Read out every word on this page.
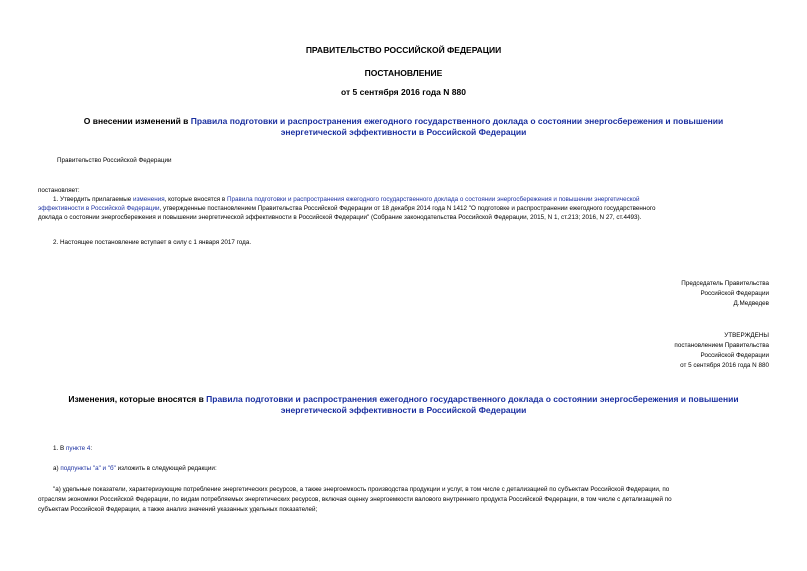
ПРАВИТЕЛЬСТВО РОССИЙСКОЙ ФЕДЕРАЦИИ
ПОСТАНОВЛЕНИЕ
от 5 сентября 2016 года N 880
О внесении изменений в Правила подготовки и распространения ежегодного государственного доклада о состоянии энергосбережения и повышении
энергетической эффективности в Российской Федерации
Правительство Российской Федерации
постановляет:
1. Утвердить прилагаемые изменения, которые вносятся в Правила подготовки и распространения ежегодного государственного доклада о состоянии энергосбережения и повышении энергетической
эффективности в Российской Федерации, утвержденные постановлением Правительства Российской Федерации от 18 декабря 2014 года N 1412 "О подготовке и распространении ежегодного государственного
доклада о состоянии энергосбережения и повышении энергетической эффективности в Российской Федерации" (Собрание законодательства Российской Федерации, 2015, N 1, ст.213; 2016, N 27, ст.4493).
2. Настоящее постановление вступает в силу с 1 января 2017 года.
Председатель Правительства
Российской Федерации
Д.Медведев
УТВЕРЖДЕНЫ
постановлением Правительства
Российской Федерации
от 5 сентября 2016 года N 880
Изменения, которые вносятся в Правила подготовки и распространения ежегодного государственного доклада о состоянии энергосбережения и повышении
энергетической эффективности в Российской Федерации
1. В пункте 4:
а) подпункты "а" и "б" изложить в следующей редакции:
"а) удельные показатели, характеризующие потребление энергетических ресурсов, а также энергоемкость производства продукции и услуг, в том числе с детализацией по субъектам Российской Федерации, по
отраслям экономики Российской Федерации, по видам потребляемых энергетических ресурсов, включая оценку энергоемкости валового внутреннего продукта Российской Федерации, в том числе с детализацией по
субъектам Российской Федерации, а также анализ значений указанных удельных показателей;
